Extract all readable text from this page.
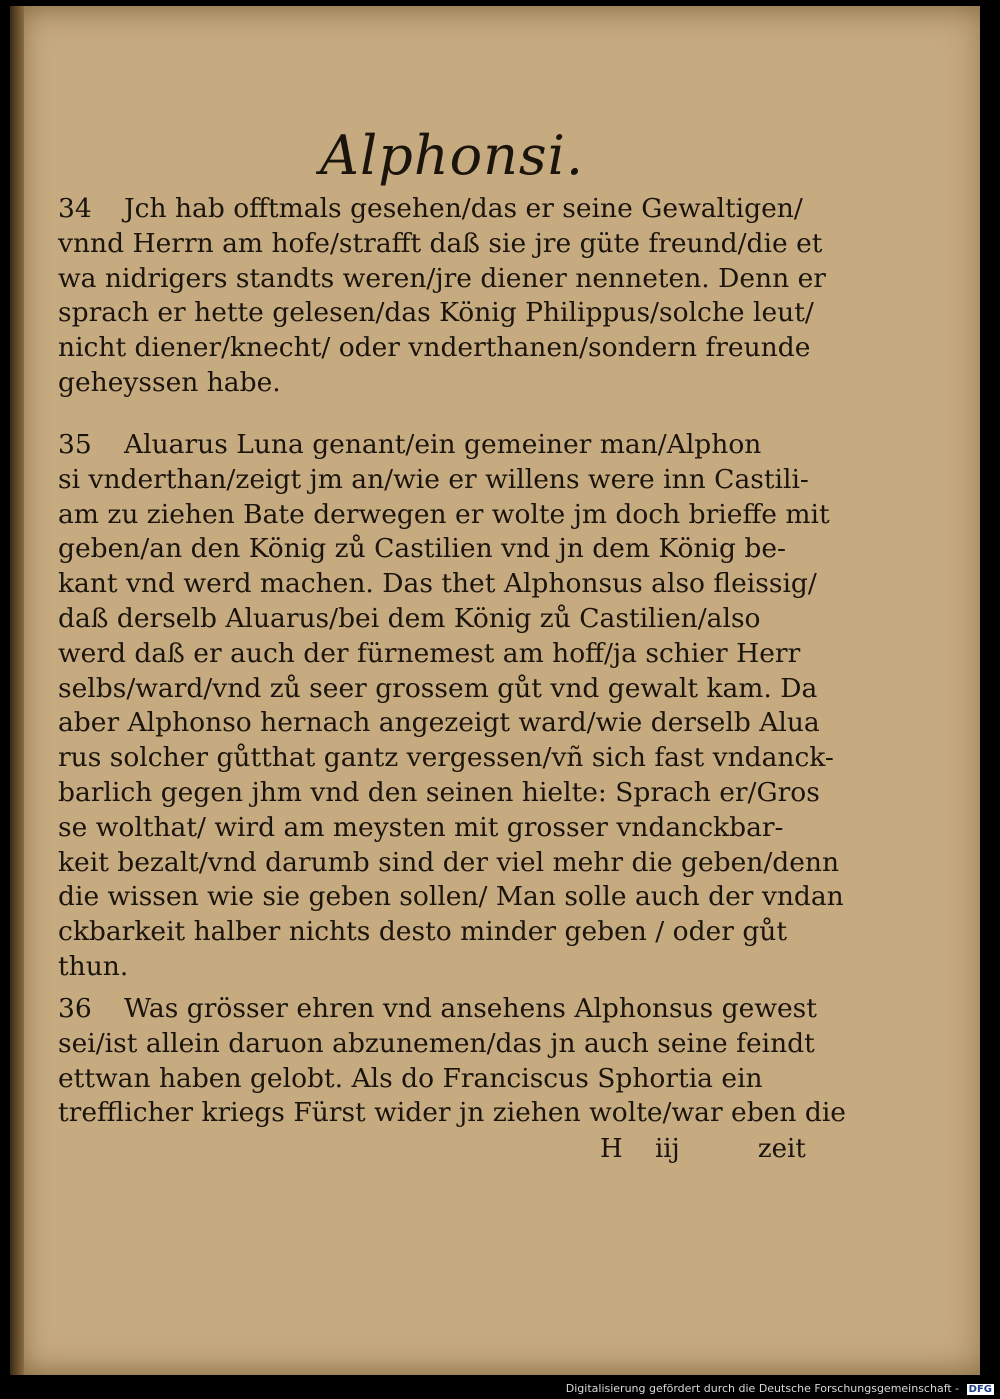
Alphonsi.
34 Jch hab offtmals gesehen/das er seine Gewaltigen/
vnnd Herrn am hofe/strafft daß sie jre güte freund/die et
wa nidrigers standts weren/jre diener nenneten. Denn er
sprach er hette gelesen/das König Philippus/solche leut/
nicht diener/knecht/ oder vnderthanen/sondern freunde
geheyssen habe.
35 Aluarus Luna genant/ein gemeiner man/Alphon
si vnderthan/zeigt jm an/wie er willens were inn Castili-
am zu ziehen Bate derwegen er wolte jm doch brieffe mit
geben/an den König zů Castilien vnd jn dem König be-
kant vnd werd machen. Das thet Alphonsus also fleissig/
daß derselb Aluarus/bei dem König zů Castilien/also
werd daß er auch der fürnemest am hoff/ja schier Herr
selbs/ward/vnd zů seer grossem gůt vnd gewalt kam. Da
aber Alphonso hernach angezeigt ward/wie derselb Alua
rus solcher gůtthat gantz vergessen/vñ sich fast vndanck-
barlich gegen jhm vnd den seinen hielte: Sprach er/Gros
se wolthat/ wird am meysten mit grosser vndanckbar-
keit bezalt/vnd darumb sind der viel mehr die geben/denn
die wissen wie sie geben sollen/ Man solle auch der vndan
ckbarkeit halber nichts desto minder geben / oder gůt
thun.
36 Was grösser ehren vnd ansehens Alphonsus gewest
sei/ist allein daruon abzunemen/das jn auch seine feindt
ettwan haben gelobt. Als do Franciscus Sphortia ein
trefflicher kriegs Fürst wider jn ziehen wolte/war eben die
H iij	zeit
Digitalisierung gefördert durch die Deutsche Forschungsgemeinschaft - DFG
